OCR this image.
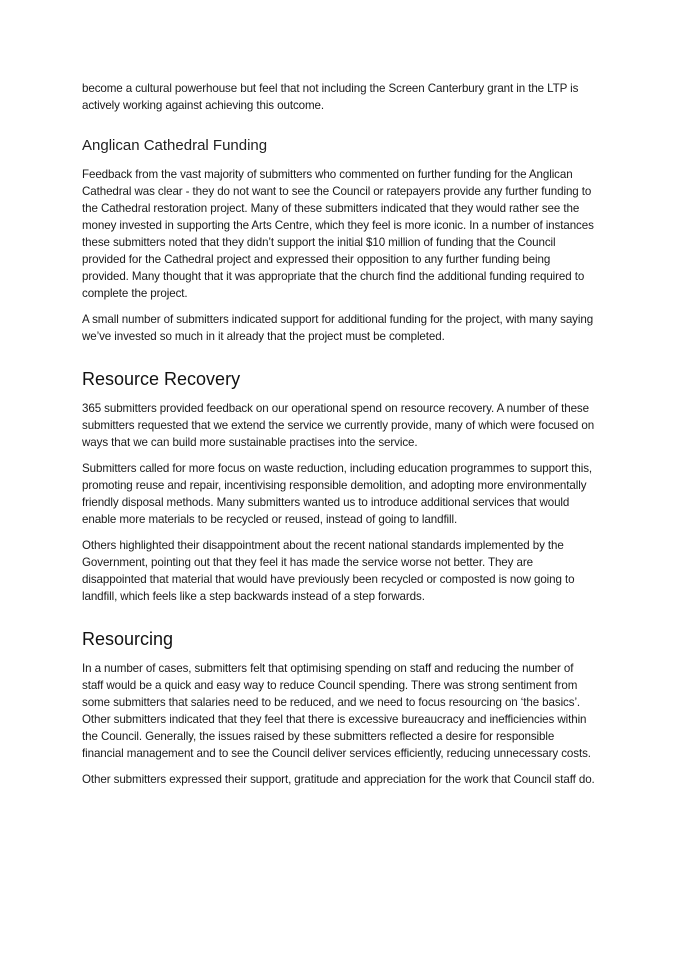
become a cultural powerhouse but feel that not including the Screen Canterbury grant in the LTP is actively working against achieving this outcome.

Anglican Cathedral Funding

Feedback from the vast majority of submitters who commented on further funding for the Anglican Cathedral was clear - they do not want to see the Council or ratepayers provide any further funding to the Cathedral restoration project. Many of these submitters indicated that they would rather see the money invested in supporting the Arts Centre, which they feel is more iconic. In a number of instances these submitters noted that they didn’t support the initial $10 million of funding that the Council provided for the Cathedral project and expressed their opposition to any further funding being provided. Many thought that it was appropriate that the church find the additional funding required to complete the project.

A small number of submitters indicated support for additional funding for the project, with many saying we’ve invested so much in it already that the project must be completed.

Resource Recovery

365 submitters provided feedback on our operational spend on resource recovery. A number of these submitters requested that we extend the service we currently provide, many of which were focused on ways that we can build more sustainable practises into the service.

Submitters called for more focus on waste reduction, including education programmes to support this, promoting reuse and repair, incentivising responsible demolition, and adopting more environmentally friendly disposal methods. Many submitters wanted us to introduce additional services that would enable more materials to be recycled or reused, instead of going to landfill.

Others highlighted their disappointment about the recent national standards implemented by the Government, pointing out that they feel it has made the service worse not better. They are disappointed that material that would have previously been recycled or composted is now going to landfill, which feels like a step backwards instead of a step forwards.

Resourcing

In a number of cases, submitters felt that optimising spending on staff and reducing the number of staff would be a quick and easy way to reduce Council spending. There was strong sentiment from some submitters that salaries need to be reduced, and we need to focus resourcing on ‘the basics’. Other submitters indicated that they feel that there is excessive bureaucracy and inefficiencies within the Council. Generally, the issues raised by these submitters reflected a desire for responsible financial management and to see the Council deliver services efficiently, reducing unnecessary costs.

Other submitters expressed their support, gratitude and appreciation for the work that Council staff do.
